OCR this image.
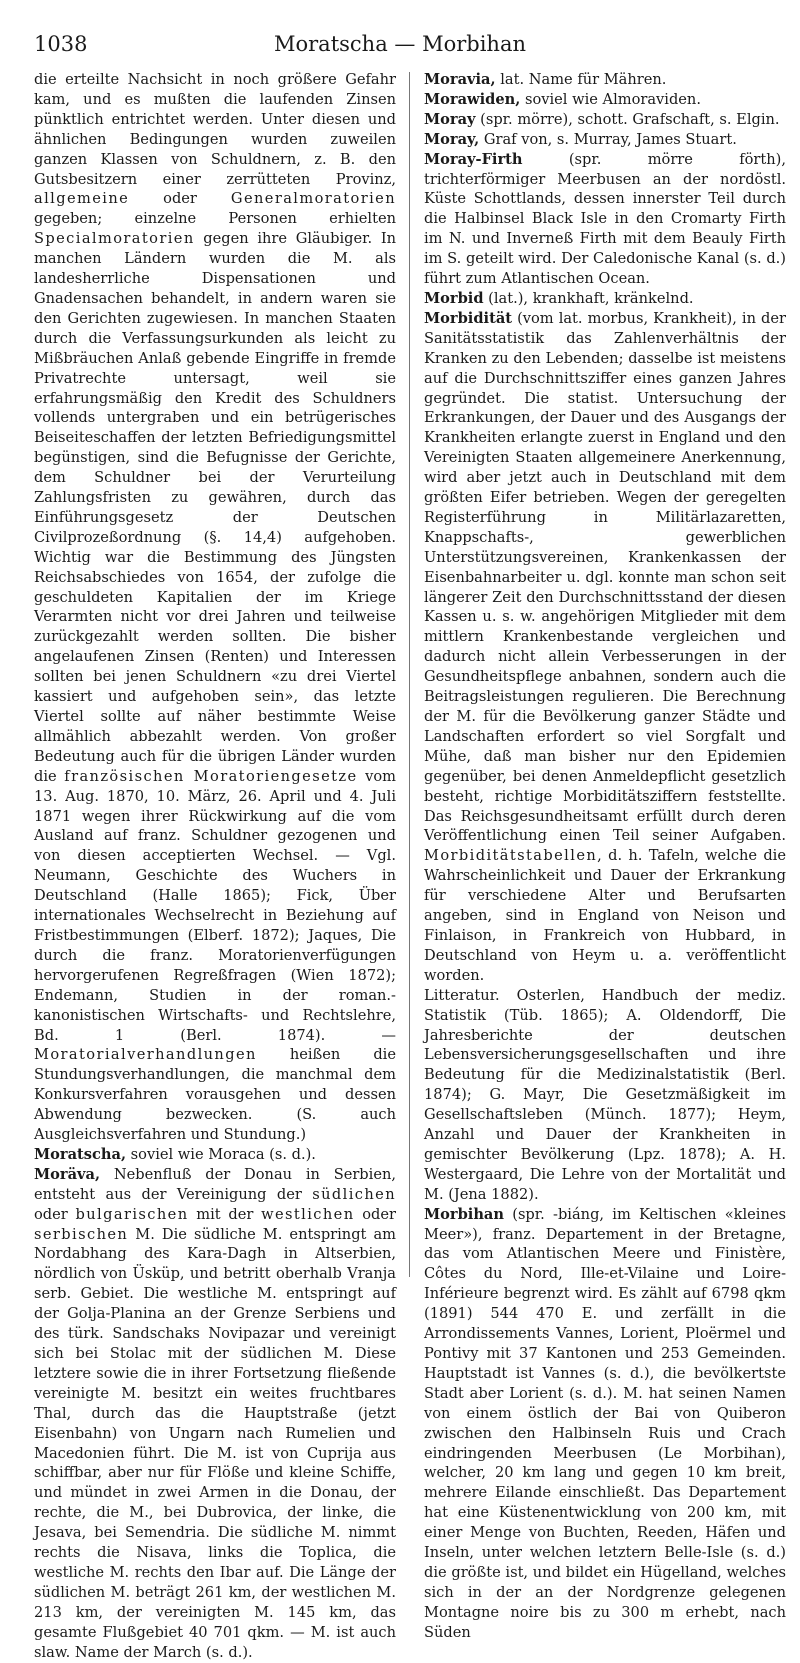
1038	Moratscha — Morbihan

die erteilte Nachsicht in noch größere Gefahr kam, und es mußten die laufenden Zinsen pünktlich entrichtet werden. Unter diesen und ähnlichen Bedingungen wurden zuweilen ganzen Klassen von Schuldnern, z. B. den Gutsbesitzern einer zerrütteten Provinz, allgemeine oder Generalmoratorien gegeben; einzelne Personen erhielten Specialmoratorien gegen ihre Gläubiger. In manchen Ländern wurden die M. als landesherrliche Dispensationen und Gnadensachen behandelt, in andern waren sie den Gerichten zugewiesen. In manchen Staaten durch die Verfassungsurkunden als leicht zu Mißbräuchen Anlaß gebende Eingriffe in fremde Privatrechte untersagt, weil sie erfahrungsmäßig den Kredit des Schuldners vollends untergraben und ein betrügerisches Beiseiteschaffen der letzten Befriedigungsmittel begünstigen, sind die Befugnisse der Gerichte, dem Schuldner bei der Verurteilung Zahlungsfristen zu gewähren, durch das Einführungsgesetz der Deutschen Civilprozeßordnung (§. 14,4) aufgehoben. Wichtig war die Bestimmung des Jüngsten Reichsabschiedes von 1654, der zufolge die geschuldeten Kapitalien der im Kriege Verarmten nicht vor drei Jahren und teilweise zurückgezahlt werden sollten. Die bisher angelaufenen Zinsen (Renten) und Interessen sollten bei jenen Schuldnern «zu drei Viertel kassiert und aufgehoben sein», das letzte Viertel sollte auf näher bestimmte Weise allmählich abbezahlt werden. Von großer Bedeutung auch für die übrigen Länder wurden die französischen Moratoriengesetze vom 13. Aug. 1870, 10. März, 26. April und 4. Juli 1871 wegen ihrer Rückwirkung auf die vom Ausland auf franz. Schuldner gezogenen und von diesen acceptierten Wechsel. — Vgl. Neumann, Geschichte des Wuchers in Deutschland (Halle 1865); Fick, Über internationales Wechselrecht in Beziehung auf Fristbestimmungen (Elberf. 1872); Jaques, Die durch die franz. Moratorienverfügungen hervorgerufenen Regreßfragen (Wien 1872); Endemann, Studien in der roman.-kanonistischen Wirtschafts- und Rechtslehre, Bd. 1 (Berl. 1874). — Moratorialverhandlungen heißen die Stundungsverhandlungen, die manchmal dem Konkursverfahren vorausgehen und dessen Abwendung bezwecken. (S. auch Ausgleichsverfahren und Stundung.)

Moratscha, soviel wie Moraca (s. d.).

Moräva, Nebenfluß der Donau in Serbien, entsteht aus der Vereinigung der südlichen oder bulgarischen mit der westlichen oder serbischen M. Die südliche M. entspringt am Nordabhang des Kara-Dagh in Altserbien, nördlich von Üsküp, und betritt oberhalb Vranja serb. Gebiet. Die westliche M. entspringt auf der Golja-Planina an der Grenze Serbiens und des türk. Sandschaks Novipazar und vereinigt sich bei Stolac mit der südlichen M. Diese letztere sowie die in ihrer Fortsetzung fließende vereinigte M. besitzt ein weites fruchtbares Thal, durch das die Hauptstraße (jetzt Eisenbahn) von Ungarn nach Rumelien und Macedonien führt. Die M. ist von Cuprija aus schiffbar, aber nur für Flöße und kleine Schiffe, und mündet in zwei Armen in die Donau, der rechte, die M., bei Dubrovica, der linke, die Jesava, bei Semendria. Die südliche M. nimmt rechts die Nisava, links die Toplica, die westliche M. rechts den Ibar auf. Die Länge der südlichen M. beträgt 261 km, der westlichen M. 213 km, der vereinigten M. 145 km, das gesamte Flußgebiet 40 701 qkm. — M. ist auch slaw. Name der March (s. d.).

Moravia, lat. Name für Mähren.

Morawiden, soviel wie Almoraviden.

Moray (spr. mörre), schott. Grafschaft, s. Elgin.

Moray, Graf von, s. Murray, James Stuart.

Moray-Firth (spr. mörre förth), trichterförmiger Meerbusen an der nordöstl. Küste Schottlands, dessen innerster Teil durch die Halbinsel Black Isle in den Cromarty Firth im N. und Inverneß Firth mit dem Beauly Firth im S. geteilt wird. Der Caledonische Kanal (s. d.) führt zum Atlantischen Ocean.

Morbid (lat.), krankhaft, kränkelnd.

Morbidität (vom lat. morbus, Krankheit), in der Sanitätsstatistik das Zahlenverhältnis der Kranken zu den Lebenden; dasselbe ist meistens auf die Durchschnittsziffer eines ganzen Jahres gegründet. Die statist. Untersuchung der Erkrankungen, der Dauer und des Ausgangs der Krankheiten erlangte zuerst in England und den Vereinigten Staaten allgemeinere Anerkennung, wird aber jetzt auch in Deutschland mit dem größten Eifer betrieben. Wegen der geregelten Registerführung in Militärlazaretten, Knappschafts-, gewerblichen Unterstützungsvereinen, Krankenkassen der Eisenbahnarbeiter u. dgl. konnte man schon seit längerer Zeit den Durchschnittsstand der diesen Kassen u. s. w. angehörigen Mitglieder mit dem mittlern Krankenbestande vergleichen und dadurch nicht allein Verbesserungen in der Gesundheitspflege anbahnen, sondern auch die Beitragsleistungen regulieren. Die Berechnung der M. für die Bevölkerung ganzer Städte und Landschaften erfordert so viel Sorgfalt und Mühe, daß man bisher nur den Epidemien gegenüber, bei denen Anmeldepflicht gesetzlich besteht, richtige Morbiditätsziffern feststellte. Das Reichsgesundheitsamt erfüllt durch deren Veröffentlichung einen Teil seiner Aufgaben. Morbiditätstabellen, d. h. Tafeln, welche die Wahrscheinlichkeit und Dauer der Erkrankung für verschiedene Alter und Berufsarten angeben, sind in England von Neison und Finlaison, in Frankreich von Hubbard, in Deutschland von Heym u. a. veröffentlicht worden.

Litteratur. Osterlen, Handbuch der mediz. Statistik (Tüb. 1865); A. Oldendorff, Die Jahresberichte der deutschen Lebensversicherungsgesellschaften und ihre Bedeutung für die Medizinalstatistik (Berl. 1874); G. Mayr, Die Gesetzmäßigkeit im Gesellschaftsleben (Münch. 1877); Heym, Anzahl und Dauer der Krankheiten in gemischter Bevölkerung (Lpz. 1878); A. H. Westergaard, Die Lehre von der Mortalität und M. (Jena 1882).

Morbihan (spr. -biáng, im Keltischen «kleines Meer»), franz. Departement in der Bretagne, das vom Atlantischen Meere und Finistère, Côtes du Nord, Ille-et-Vilaine und Loire-Inférieure begrenzt wird. Es zählt auf 6798 qkm (1891) 544 470 E. und zerfällt in die Arrondissements Vannes, Lorient, Ploërmel und Pontivy mit 37 Kantonen und 253 Gemeinden. Hauptstadt ist Vannes (s. d.), die bevölkertste Stadt aber Lorient (s. d.). M. hat seinen Namen von einem östlich der Bai von Quiberon zwischen den Halbinseln Ruis und Crach eindringenden Meerbusen (Le Morbihan), welcher, 20 km lang und gegen 10 km breit, mehrere Eilande einschließt. Das Departement hat eine Küstenentwicklung von 200 km, mit einer Menge von Buchten, Reeden, Häfen und Inseln, unter welchen letztern Belle-Isle (s. d.) die größte ist, und bildet ein Hügelland, welches sich in der an der Nordgrenze gelegenen Montagne noire bis zu 300 m erhebt, nach Süden
